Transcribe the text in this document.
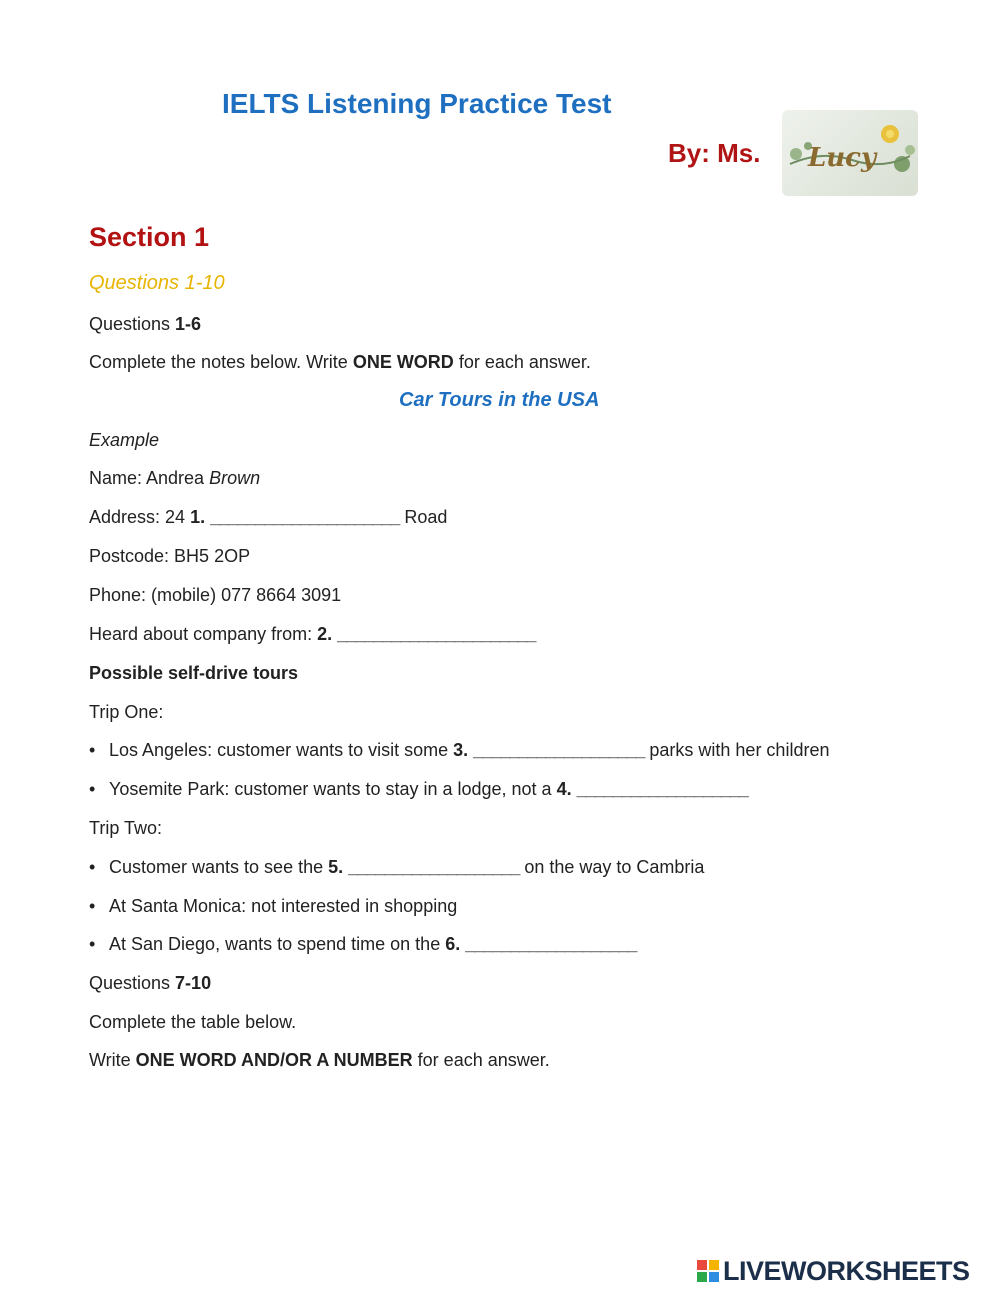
IELTS Listening Practice Test
By: Ms. Lucy
Section 1
Questions 1-10
Questions 1-6
Complete the notes below. Write ONE WORD for each answer.
Car Tours in the USA
Example
Name: Andrea Brown
Address: 24 1. _____________________ Road
Postcode: BH5 2OP
Phone: (mobile) 077 8664 3091
Heard about company from: 2. ______________________
Possible self-drive tours
Trip One:
• Los Angeles: customer wants to visit some 3. ___________________ parks with her children
• Yosemite Park: customer wants to stay in a lodge, not a 4. ___________________
Trip Two:
• Customer wants to see the 5. ___________________ on the way to Cambria
• At Santa Monica: not interested in shopping
• At San Diego, wants to spend time on the 6. ___________________
Questions 7-10
Complete the table below.
Write ONE WORD AND/OR A NUMBER for each answer.
LIVEWORKSHEETS
